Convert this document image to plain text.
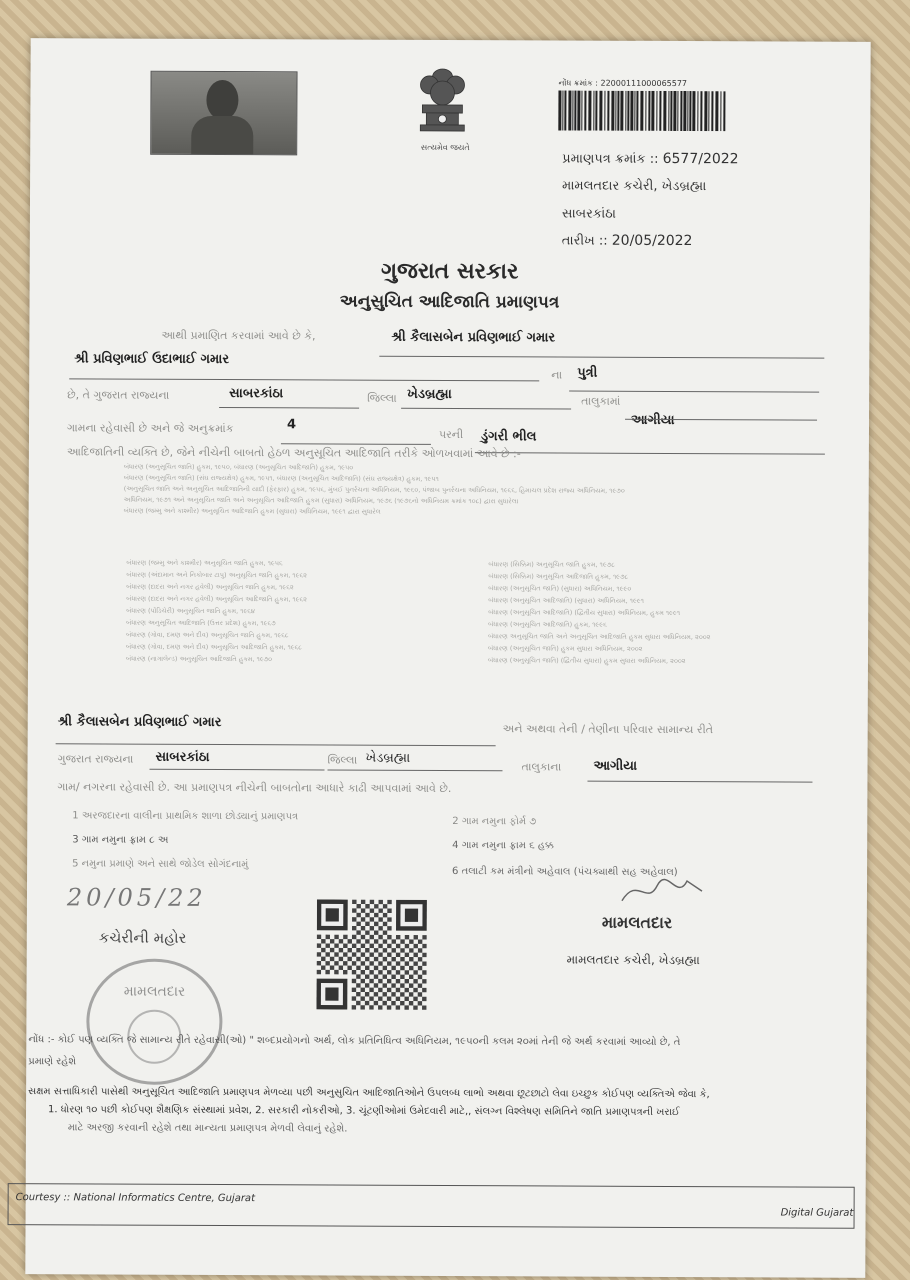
સત્યમેવ જયતે
નોંધ ક્રમાંક : 22000111000065577
પ્રમાણપત્ર ક્રમાંક :: 6577/2022
મામલતદાર કચેરી, ખેડબ્રહ્મા
સાબરકાંઠા
તારીખ :: 20/05/2022
ગુજરાત સરકાર
અનુસુચિત આદિજાતિ પ્રમાણપત્ર
આથી પ્રમાણિત કરવામાં આવે છે કે,	શ્રી કૈલાસબેન પ્રવિણભાઈ ગમાર
શ્રી પ્રવિણભાઈ ઉદાભાઈ ગમાર
ના પુત્રી
છે, તે ગુજરાત રાજ્યના	સાબરકાંઠા	જિલ્લા ખેડબ્રહ્મા	તાલુકામાં
આગીયા
ગામના રહેવાસી છે અને જે અનુક્રમાંક	4
પરની ડુંગરી ભીલ
આદિજાતિની વ્યક્તિ છે, જેને નીચેની બાબતો હેઠળ અનુસૂચિત આદિજાતિ તરીકે ઓળખવામાં આવે છે :-
બંધારણ (અનુસૂચિત જાતિ) હુકમ, ૧૯૫૦, બંધારણ (અનુસૂચિત આદિજાતિ) હુકમ, ૧૯૫૦
બંધારણ (અનુસૂચિત જાતિ) (સંઘ રાજ્યક્ષેત્ર) હુકમ, ૧૯૫૧, બંધારણ (અનુસૂચિત આદિજાતિ) (સંઘ રાજ્યક્ષેત્ર) હુકમ, ૧૯૫૧
(અનુસૂચિત જાતિ અને અનુસૂચિત આદિજાતિની યાદી (ફેરફાર) હુકમ, ૧૯૫૬, મુંબઈ પુનર્રચના અધિનિયમ, ૧૯૬૦, પંજાબ પુનર્રચના અધિનિયમ, ૧૯૬૬, હિમાચલ પ્રદેશ રાજ્ય અધિનિયમ, ૧૯૭૦
અધિનિયમ, ૧૯૭૧ અને અનુસૂચિત જાતિ અને અનુસૂચિત આદિજાતિ હુકમ (સુધારા) અધિનિયમ, ૧૯૭૬ (૧૯૭૬નો અધિનિયમ ક્રમાંક ૧૦૮) દ્વારા સુધારેલા
બંધારણ (જમ્મુ અને કાશ્મીર) અનુસૂચિત આદિજાતિ હુકમ (સુધારા) અધિનિયમ, ૧૯૯૧ દ્વારા સુધારેલ
બંધારણ (જમ્મુ અને કાશ્મીર) અનુસૂચિત જાતિ હુકમ, ૧૯૫૬
બંધારણ (અંદામાન અને નિકોબાર ટાપુ) અનુસૂચિત જાતિ હુકમ, ૧૯૬૨
બંધારણ (દાદરા અને નગર હવેલી) અનુસૂચિત જાતિ હુકમ, ૧૯૬૨
બંધારણ (દાદરા અને નગર હવેલી) અનુસૂચિત આદિજાતિ હુકમ, ૧૯૬૨
બંધારણ (પોંડિચેરી) અનુસૂચિત જાતિ હુકમ, ૧૯૬૪
બંધારણ અનુસૂચિત આદિજાતિ (ઉત્તર પ્રદેશ) હુકમ, ૧૯૬૭
બંધારણ (ગોવા, દમણ અને દીવ) અનુસૂચિત જાતિ હુકમ, ૧૯૬૮
બંધારણ (ગોવા, દમણ અને દીવ) અનુસૂચિત આદિજાતિ હુકમ, ૧૯૬૮
બંધારણ (નાગાલેન્ડ) અનુસૂચિત આદિજાતિ હુકમ, ૧૯૭૦
બંધારણ (સિક્કિમ) અનુસૂચિત જાતિ હુકમ, ૧૯૭૮
બંધારણ (સિક્કિમ) અનુસૂચિત આદિજાતિ હુકમ, ૧૯૭૮
બંધારણ (અનુસૂચિત જાતિ) (સુધારા) અધિનિયમ, ૧૯૯૦
બંધારણ (અનુસૂચિત આદિજાતિ) (સુધારા) અધિનિયમ, ૧૯૯૧
બંધારણ (અનુસૂચિત આદિજાતિ) (દ્વિતીય સુધારા) અધિનિયમ, હુકમ ૧૯૯૧
બંધારણ (અનુસૂચિત આદિજાતિ) હુકમ, ૧૯૯૬
બંધારણ અનુસૂચિત જાતિ અને અનુસૂચિત આદિજાતિ હુકમ સુધારા અધિનિયમ, ૨૦૦૨
બંધારણ (અનુસૂચિત જાતિ) હુકમ સુધારા અધિનિયમ, ૨૦૦૨
બંધારણ (અનુસૂચિત જાતિ) (દ્વિતીય સુધારા) હુકમ સુધારા અધિનિયમ, ૨૦૦૨
શ્રી કૈલાસબેન પ્રવિણભાઈ ગમાર	અને અથવા તેની / તેણીના પરિવાર સામાન્ય રીતે
ગુજરાત રાજ્યના સાબરકાંઠા	જિલ્લા ખેડબ્રહ્મા
તાલુકાના આગીયા
ગામ/ નગરના રહેવાસી છે. આ પ્રમાણપત્ર નીચેની બાબતોના આધારે કાઢી આપવામાં આવે છે.
1 અરજદારના વાલીના પ્રાથમિક શાળા છોડ્યાનું પ્રમાણપત્ર	2 ગામ નમુના ફોર્મ ૭
3 ગામ નમુના ફ્રામ ૮ અ	4 ગામ નમુના ફ્રામ ૬ હક્ક
5 નમુના પ્રમાણે અને સાથે જોડેલ સોગંદનામું
6 તલાટી કમ મંત્રીનો અહેવાલ (પંચક્યાથી સહ અહેવાલ)
20/05/22
કચેરીની મહોર
મામલતદાર
મામલતદાર કચેરી, ખેડબ્રહ્મા
મામલતદાર
નોંધ :- કોઈ પણ વ્યક્તિ જે સામાન્ય રીતે રહેવાસી(ઓ) " શબ્દપ્રયોગનો અર્થ, લોક પ્રતિનિધિત્વ અધિનિયમ, ૧૯૫૦ની કલમ ૨૦માં તેની જે અર્થ કરવામાં આવ્યો છે, તે
પ્રમાણે રહેશે
સક્ષમ સત્તાધિકારી પાસેથી અનુસૂચિત આદિજાતિ પ્રમાણપત્ર મેળવ્યા પછી અનુસુચિત આદિજાતિઓને ઉપલબ્ધ લાભો અથવા છૂટછાટો લેવા ઇચ્છુક કોઈપણ વ્યક્તિએ જેવા કે,
1. ધોરણ ૧૦ પછી કોઈપણ શૈક્ષણિક સંસ્થામાં પ્રવેશ, 2. સરકારી નોકરીઓ, 3. ચૂંટણીઓમાં ઉમેદવારી માટે,, સંલગ્ન વિશ્લેષણ સમિતિને જાતિ પ્રમાણપત્રની ખરાઈ
માટે અરજી કરવાની રહેશે તથા માન્યતા પ્રમાણપત્ર મેળવી લેવાનું રહેશે.
Courtesy :: National Informatics Centre, Gujarat
Digital Gujarat
